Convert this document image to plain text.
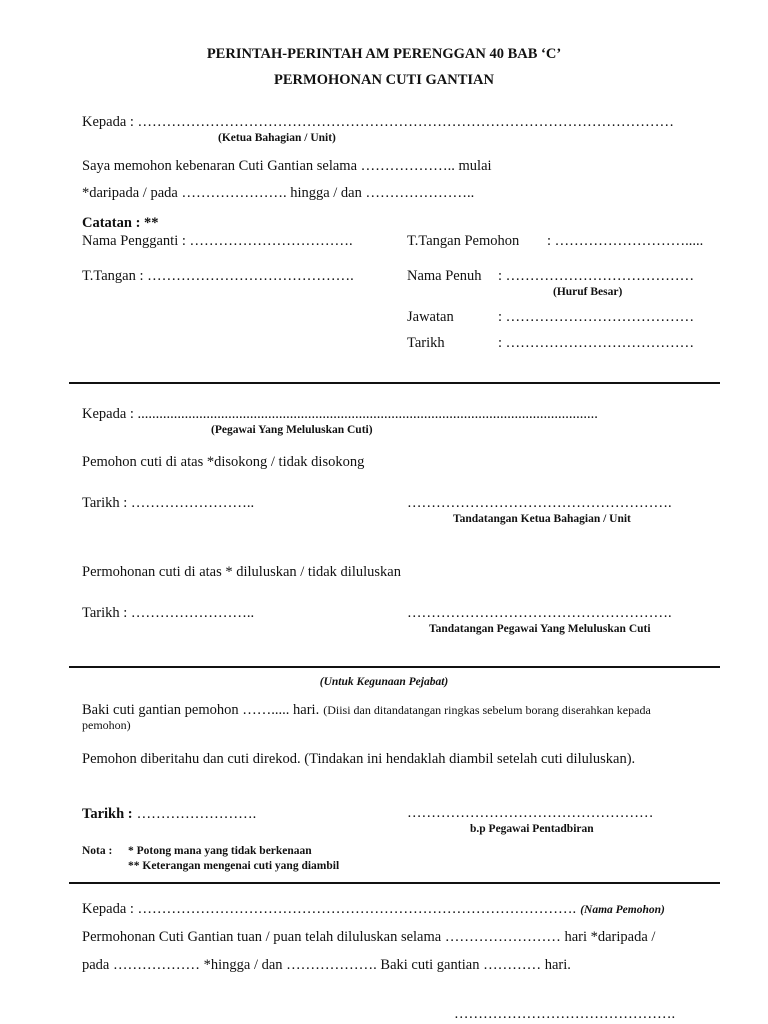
PERINTAH-PERINTAH AM PERENGGAN 40 BAB ‘C’
PERMOHONAN CUTI GANTIAN
Kepada : …………………………………………………………………………………………………
(Ketua Bahagian / Unit)
Saya memohon kebenaran Cuti Gantian selama ……………….. mulai
*daripada / pada …………………. hingga / dan …………………..
Catatan : **
Nama Pengganti : …………………………….	T.Tangan Pemohon : ……………………….....
T.Tangan : …………………………………….	Nama Penuh : …………………………………
(Huruf Besar)
Jawatan	: …………………………………
Tarikh	: …………………………………
Kepada : ...............................................................................................................................
(Pegawai Yang Meluluskan Cuti)
Pemohon cuti di atas *disokong / tidak disokong
Tarikh : ……………………..	……………………………………………….
Tandatangan Ketua Bahagian / Unit
Permohonan cuti di atas * diluluskan / tidak diluluskan
Tarikh : ……………………..	……………………………………………….
Tandatangan Pegawai Yang Meluluskan Cuti
(Untuk Kegunaan Pejabat)
Baki cuti gantian pemohon ……..... hari. (Diisi dan ditandatangan ringkas sebelum borang diserahkan kepada
pemohon)
Pemohon diberitahu dan cuti direkod. (Tindakan ini hendaklah diambil setelah cuti diluluskan).
Tarikh : …………………….	……………………………………………
b.p Pegawai Pentadbiran
Nota : * Potong mana yang tidak berkenaan
** Keterangan mengenai cuti yang diambil
Kepada : ………………………………………………………………………………. (Nama Pemohon)
Permohonan Cuti Gantian tuan / puan telah diluluskan selama …………………… hari *daripada /
pada ……………… *hingga / dan ………………. Baki cuti gantian ………… hari.
……………………………………….
